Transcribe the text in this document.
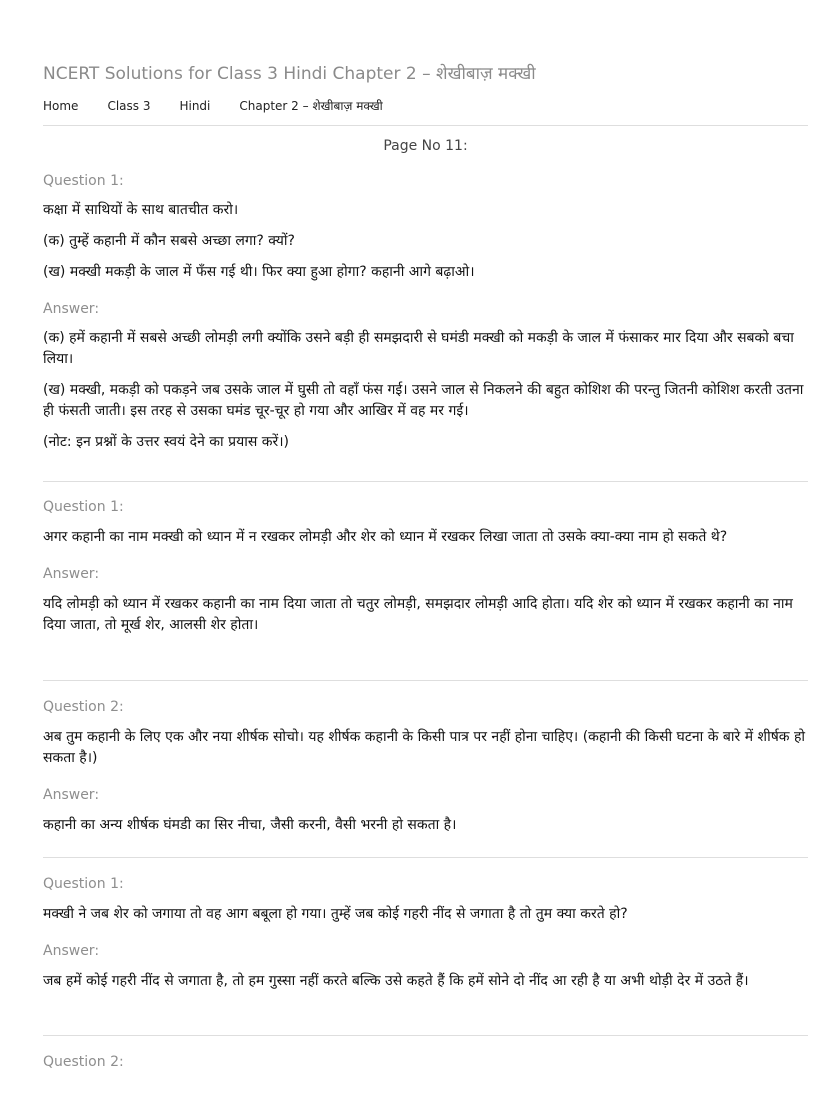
NCERT Solutions for Class 3 Hindi Chapter 2 – शेखीबाज़ मक्खी
Home Class 3 Hindi Chapter 2 – शेखीबाज़ मक्खी
Page No 11:

Question 1:

कक्षा में साथियों के साथ बातचीत करो।

(क) तुम्हें कहानी में कौन सबसे अच्छा लगा? क्यों?

(ख) मक्खी मकड़ी के जाल में फँस गई थी। फिर क्या हुआ होगा? कहानी आगे बढ़ाओ।

Answer:

(क) हमें कहानी में सबसे अच्छी लोमड़ी लगी क्योंकि उसने बड़ी ही समझदारी से घमंडी मक्खी को मकड़ी के जाल में फंसाकर मार दिया और सबको बचा लिया।

(ख) मक्खी, मकड़ी को पकड़ने जब उसके जाल में घुसी तो वहाँ फंस गई। उसने जाल से निकलने की बहुत कोशिश की परन्तु जितनी कोशिश करती उतना ही फंसती जाती। इस तरह से उसका घमंड चूर-चूर हो गया और आखिर में वह मर गई।

(नोट: इन प्रश्नों के उत्तर स्वयं देने का प्रयास करें।)

Question 1:

अगर कहानी का नाम मक्खी को ध्यान में न रखकर लोमड़ी और शेर को ध्यान में रखकर लिखा जाता तो उसके क्या-क्या नाम हो सकते थे?

Answer:

यदि लोमड़ी को ध्यान में रखकर कहानी का नाम दिया जाता तो चतुर लोमड़ी, समझदार लोमड़ी आदि होता। यदि शेर को ध्यान में रखकर कहानी का नाम दिया जाता, तो मूर्ख शेर, आलसी शेर होता।

Question 2:

अब तुम कहानी के लिए एक और नया शीर्षक सोचो। यह शीर्षक कहानी के किसी पात्र पर नहीं होना चाहिए। (कहानी की किसी घटना के बारे में शीर्षक हो सकता है।)

Answer:

कहानी का अन्य शीर्षक घंमडी का सिर नीचा, जैसी करनी, वैसी भरनी हो सकता है।

Question 1:

मक्खी ने जब शेर को जगाया तो वह आग बबूला हो गया। तुम्हें जब कोई गहरी नींद से जगाता है तो तुम क्या करते हो?

Answer:

जब हमें कोई गहरी नींद से जगाता है, तो हम गुस्सा नहीं करते बल्कि उसे कहते हैं कि हमें सोने दो नींद आ रही है या अभी थोड़ी देर में उठते हैं।

Question 2:
